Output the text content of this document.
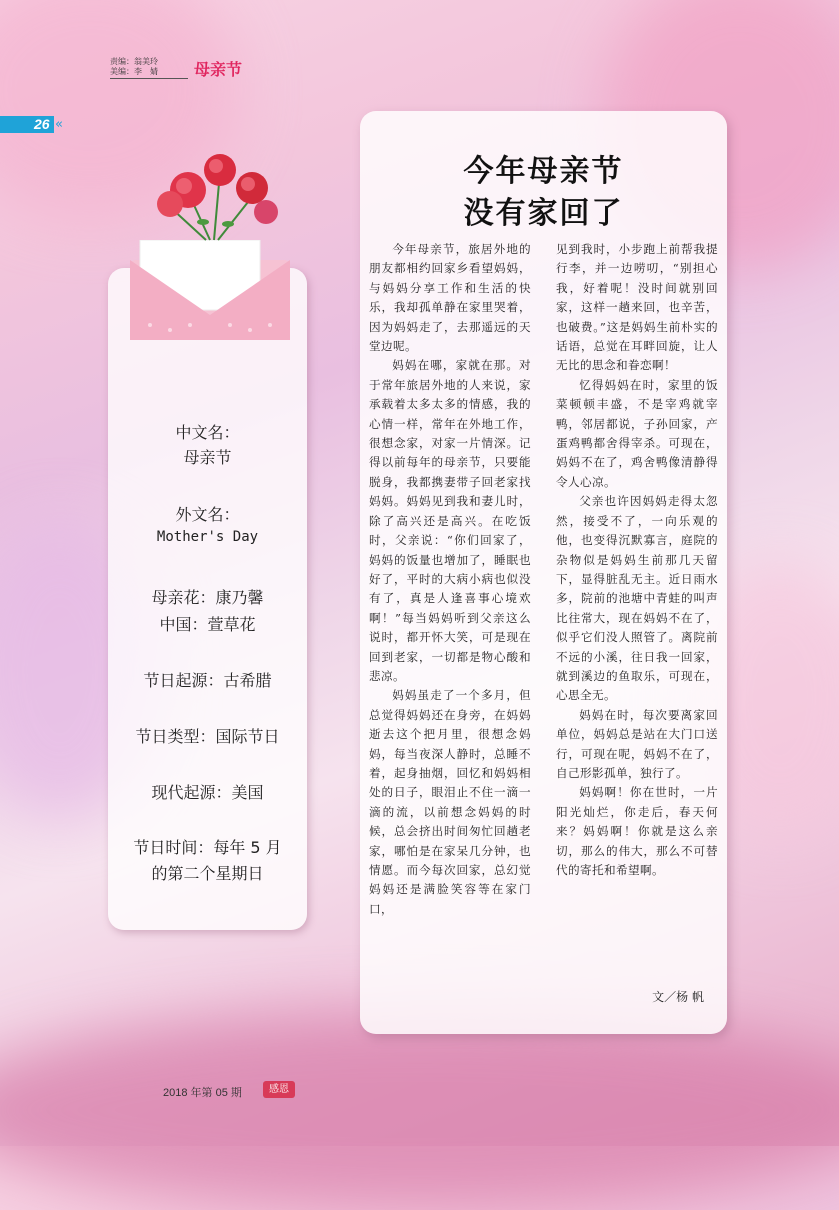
责编：翁美玲
美编：李　婧 母亲节
26 «
中文名：
母亲节
外文名：
Mother's Day
母亲花：康乃馨
中国：萱草花
节日起源：古希腊
节日类型：国际节日
现代起源：美国
节日时间：每年 5 月
的第二个星期日
今年母亲节
没有家回了

今年母亲节，旅居外地的朋友都相约回家乡看望妈妈，与妈妈分享工作和生活的快乐，我却孤单静在家里哭着，因为妈妈走了，去那遥远的天堂边呢。

妈妈在哪，家就在那。对于常年旅居外地的人来说，家承载着太多太多的情感，我的心情一样，常年在外地工作，很想念家，对家一片情深。记得以前每年的母亲节，只要能脱身，我都携妻带子回老家找妈妈。妈妈见到我和妻儿时，除了高兴还是高兴。在吃饭时，父亲说：“你们回家了，妈妈的饭量也增加了，睡眠也好了，平时的大病小病也似没有了，真是人逢喜事心境欢啊！”每当妈妈听到父亲这么说时，都开怀大笑，可是现在回到老家，一切都是物心酸和悲凉。

妈妈虽走了一个多月，但总觉得妈妈还在身旁，在妈妈逝去这个把月里，很想念妈妈，每当夜深人静时，总睡不着，起身抽烟，回忆和妈妈相处的日子，眼泪止不住一滴一滴的流，以前想念妈妈的时候，总会挤出时间匆忙回趟老家，哪怕是在家呆几分钟，也情愿。而今每次回家，总幻觉妈妈还是满脸笑容等在家门口，

见到我时，小步跑上前帮我提行李，并一边唠叨，“别担心我，好着呢！没时间就别回家，这样一趟来回，也辛苦，也破费。”这是妈妈生前朴实的话语，总觉在耳畔回旋，让人无比的思念和眷恋啊！

忆得妈妈在时，家里的饭菜顿顿丰盛，不是宰鸡就宰鸭，邻居都说，子孙回家，产蛋鸡鸭都舍得宰杀。可现在，妈妈不在了，鸡舍鸭像清静得令人心凉。

父亲也许因妈妈走得太忽然，接受不了，一向乐观的他，也变得沉默寡言，庭院的杂物似是妈妈生前那几天留下，显得脏乱无主。近日雨水多，院前的池塘中青蛙的叫声比往常大，现在妈妈不在了，似乎它们没人照管了。离院前不远的小溪，往日我一回家，就到溪边的鱼取乐，可现在，心思全无。

妈妈在时，每次要离家回单位，妈妈总是站在大门口送行，可现在呢，妈妈不在了，自己形影孤单，独行了。

妈妈啊！你在世时，一片阳光灿烂，你走后，春天何来？妈妈啊！你就是这么亲切，那么的伟大，那么不可替代的寄托和希望啊。

文／杨 帆
2018 年第 05 期	感恩
